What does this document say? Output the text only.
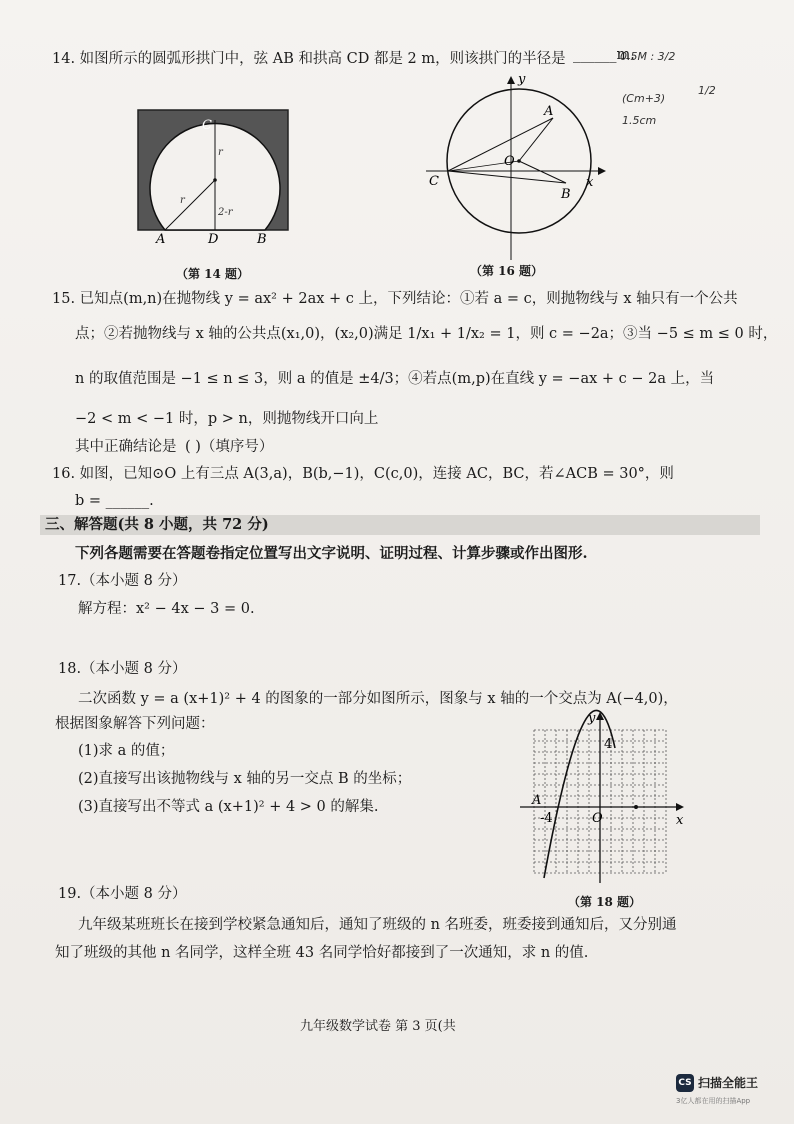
14. 如图所示的圆弧形拱门中，弦 AB 和拱高 CD 都是 2 m，则该拱门的半径是 ______m.
0.5M : 3/2
(Cm+3)
1.5cm
1/2
C
A	D	B
r
r
2-r
（第 14 题）
y
x
A
B
C
O
（第 16 题）
15. 已知点(m,n)在抛物线 y = ax² + 2ax + c 上，下列结论：①若 a = c，则抛物线与 x 轴只有一个公共
点；②若抛物线与 x 轴的公共点(x₁,0)，(x₂,0)满足 1/x₁ + 1/x₂ = 1，则 c = −2a；③当 −5 ≤ m ≤ 0 时，
n 的取值范围是 −1 ≤ n ≤ 3，则 a 的值是 ±4/3；④若点(m,p)在直线 y = −ax + c − 2a 上，当
−2 < m < −1 时，p > n，则抛物线开口向上
其中正确结论是 ( )（填序号）
16. 如图，已知⊙O 上有三点 A(3,a)，B(b,−1)，C(c,0)，连接 AC，BC，若∠ACB = 30°，则
b = ______.
三、解答题(共 8 小题，共 72 分)
下列各题需要在答题卷指定位置写出文字说明、证明过程、计算步骤或作出图形.
17.（本小题 8 分）
解方程：x² − 4x − 3 = 0.
18.（本小题 8 分）
二次函数 y = a (x+1)² + 4 的图象的一部分如图所示，图象与 x 轴的一个交点为 A(−4,0)，
根据图象解答下列问题：
(1)求 a 的值；
(2)直接写出该抛物线与 x 轴的另一交点 B 的坐标；
(3)直接写出不等式 a (x+1)² + 4 > 0 的解集.
y
x
4
A
-4	O
（第 18 题）
19.（本小题 8 分）
九年级某班班长在接到学校紧急通知后，通知了班级的 n 名班委，班委接到通知后，又分别通
知了班级的其他 n 名同学，这样全班 43 名同学恰好都接到了一次通知，求 n 的值.
九年级数学试卷 第 3 页(共
CS 扫描全能王
3亿人都在用的扫描App
